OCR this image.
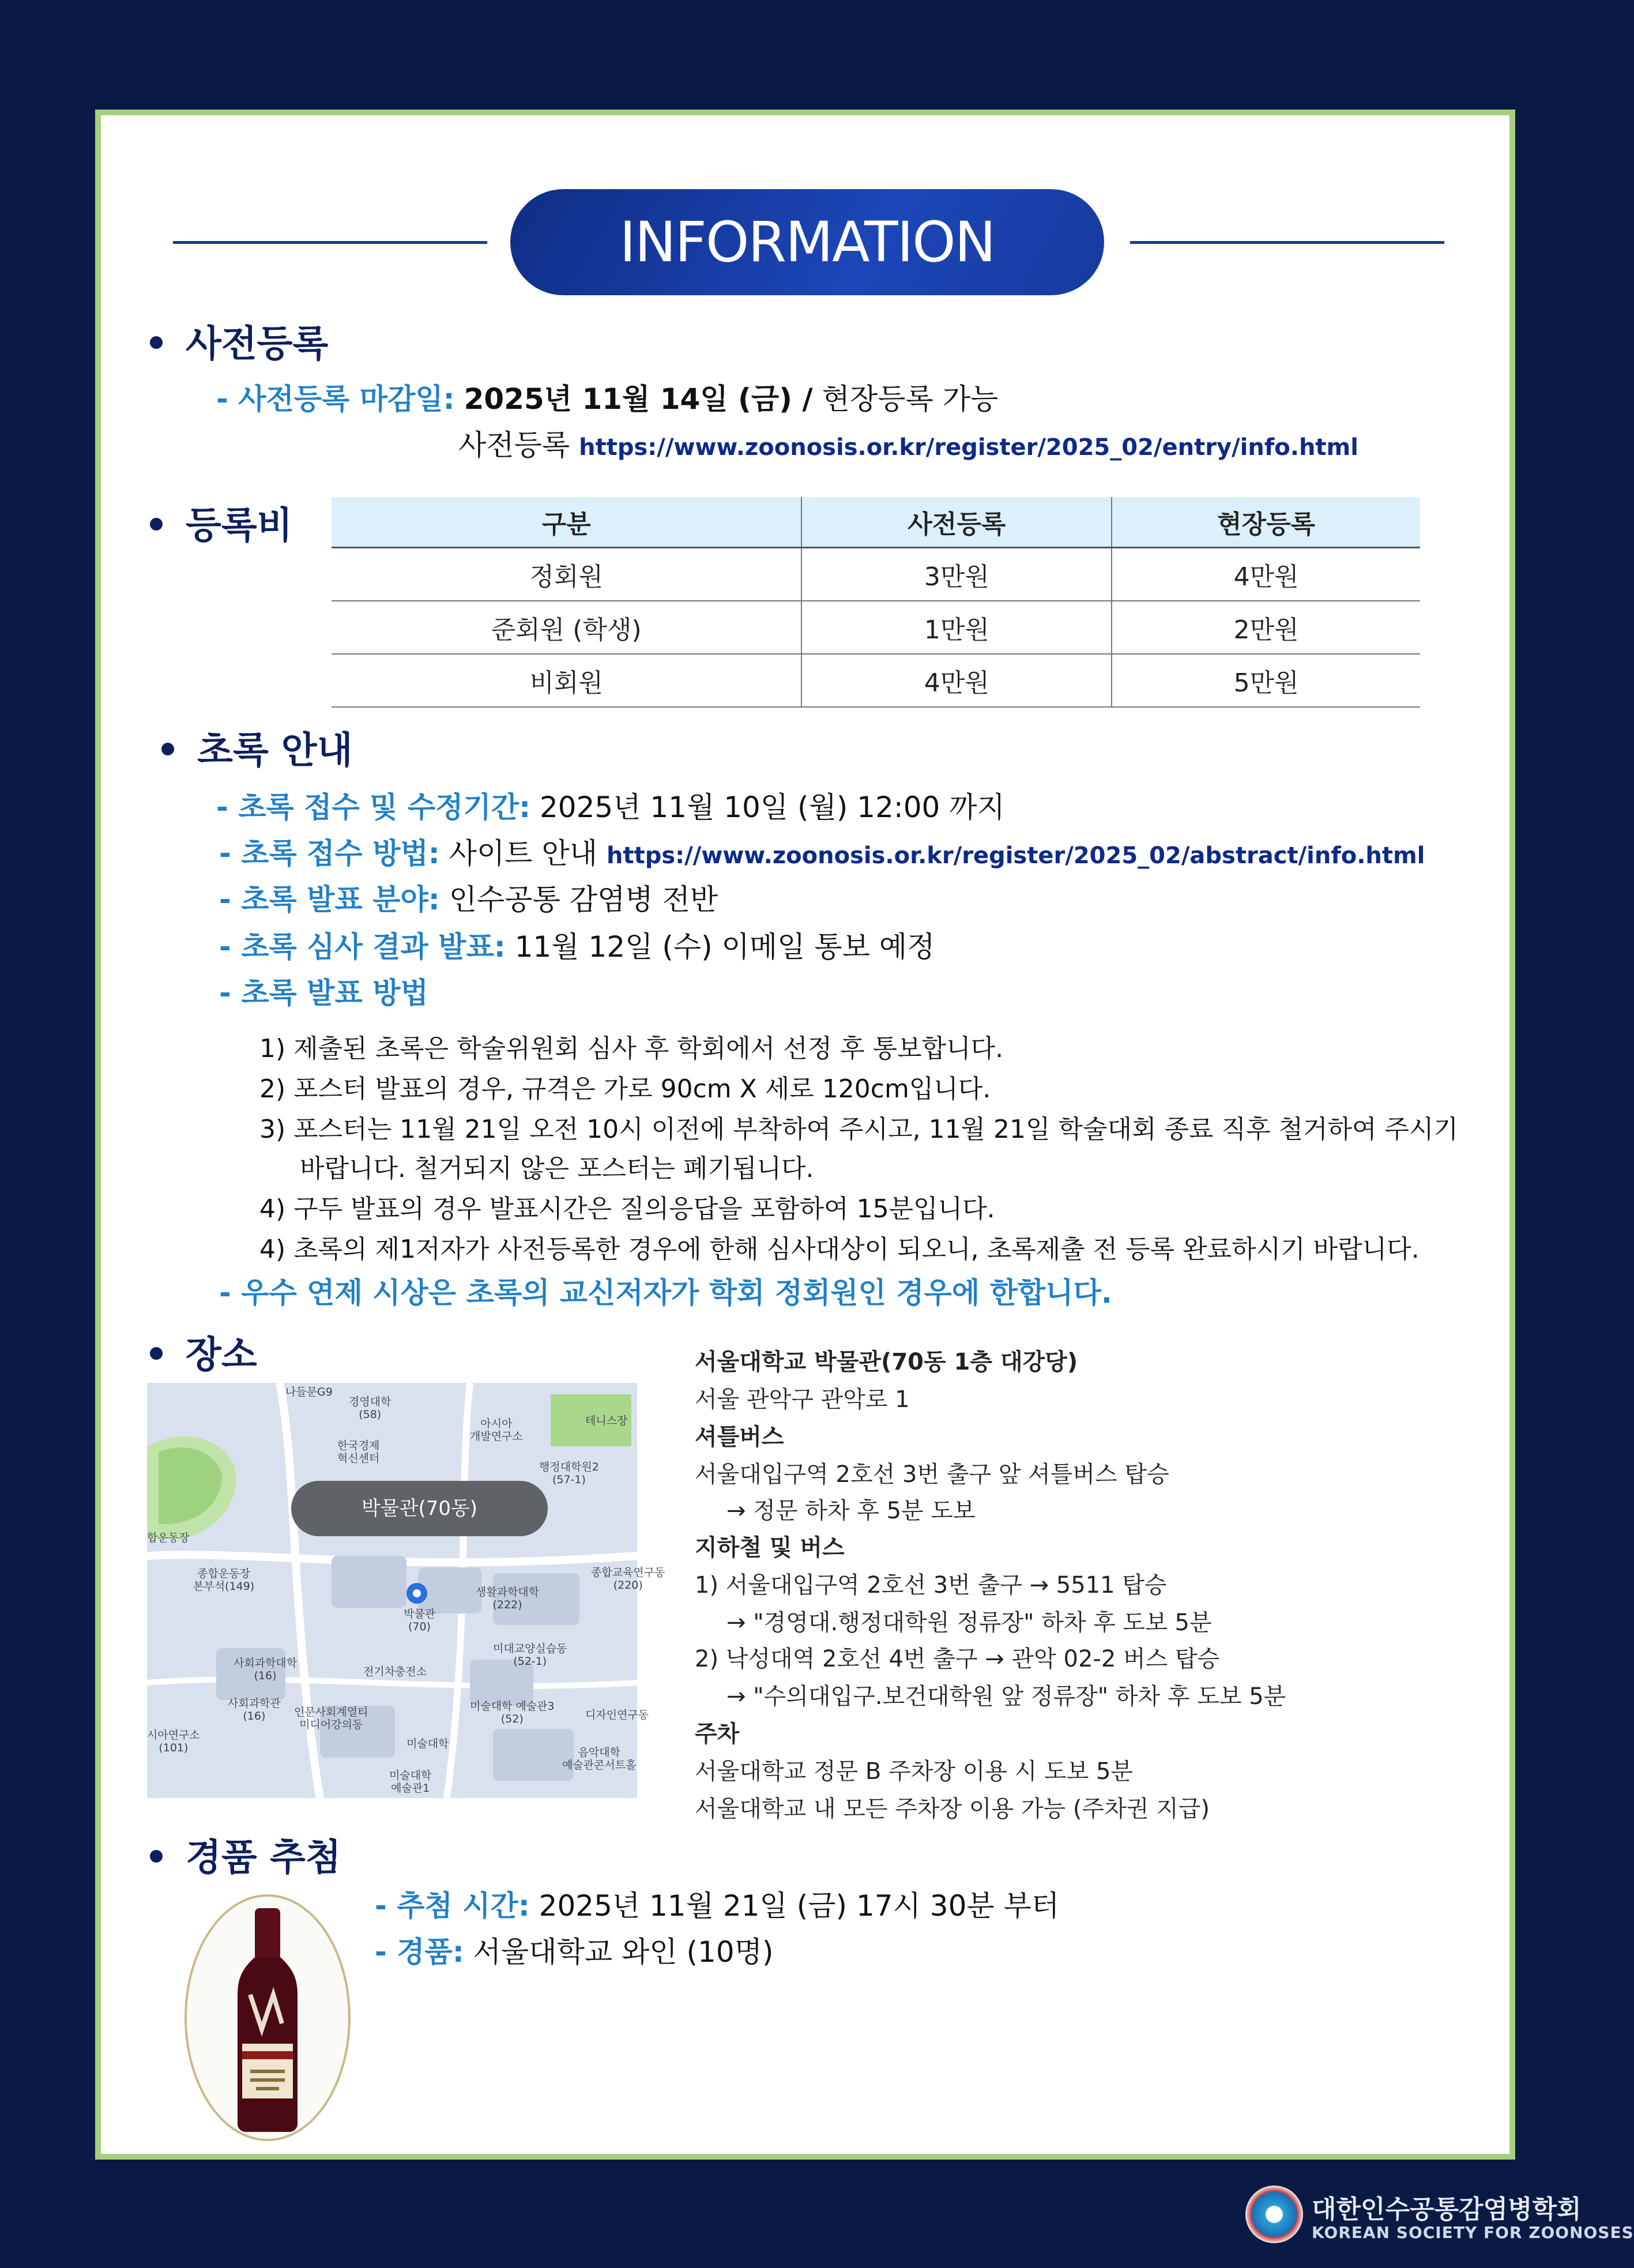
INFORMATION
사전등록
- 사전등록 마감일: 2025년 11월 14일 (금) / 현장등록 가능
사전등록 https://www.zoonosis.or.kr/register/2025_02/entry/info.html
등록비	구분	사전등록	현장등록
정회원	3만원	4만원
준회원 (학생)	1만원	2만원
비회원	4만원	5만원
초록 안내
- 초록 접수 및 수정기간: 2025년 11월 10일 (월) 12:00 까지
- 초록 접수 방법: 사이트 안내 https://www.zoonosis.or.kr/register/2025_02/abstract/info.html
- 초록 발표 분야: 인수공통 감염병 전반
- 초록 심사 결과 발표: 11월 12일 (수) 이메일 통보 예정
- 초록 발표 방법
1) 제출된 초록은 학술위원회 심사 후 학회에서 선정 후 통보합니다.
2) 포스터 발표의 경우, 규격은 가로 90cm X 세로 120cm입니다.
3) 포스터는 11월 21일 오전 10시 이전에 부착하여 주시고, 11월 21일 학술대회 종료 직후 철거하여 주시기
바랍니다. 철거되지 않은 포스터는 폐기됩니다.
4) 구두 발표의 경우 발표시간은 질의응답을 포함하여 15분입니다.
4) 초록의 제1저자가 사전등록한 경우에 한해 심사대상이 되오니, 초록제출 전 등록 완료하시기 바랍니다.
- 우수 연제 시상은 초록의 교신저자가 학회 정회원인 경우에 한합니다.
장소
나들문G9
경영대학
(58)
아시아
개발연구소
테니스장
한국경제
혁신센터
행정대학원2
(57-1)
합운동장
종합운동장
본부석(149)
박물관
(70)
생활과학대학
(222)
종합교육연구동
(220)
사회과학대학
(16)	전기차충전소
미대교양실습동
(52-1)
사회과학관
(16)	인문사회계열티
미디어강의동
미술대학 예술관3
(52)	디자인연구동
시아연구소
(101)	미술대학
음악대학
예술관콘서트홀
미술대학
예술관1
박물관(70동)
서울대학교 박물관(70동 1층 대강당)
서울 관악구 관악로 1
셔틀버스
서울대입구역 2호선 3번 출구 앞 셔틀버스 탑승
→ 정문 하차 후 5분 도보
지하철 및 버스
1) 서울대입구역 2호선 3번 출구 → 5511 탑승
→ "경영대.행정대학원 정류장" 하차 후 도보 5분
2) 낙성대역 2호선 4번 출구 → 관악 02-2 버스 탑승
→ "수의대입구.보건대학원 앞 정류장" 하차 후 도보 5분
주차
서울대학교 정문 B 주차장 이용 시 도보 5분
서울대학교 내 모든 주차장 이용 가능 (주차권 지급)
경품 추첨
- 추첨 시간: 2025년 11월 21일 (금) 17시 30분 부터
- 경품: 서울대학교 와인 (10명)
대한인수공통감염병학회
KOREAN SOCIETY FOR ZOONOSES
